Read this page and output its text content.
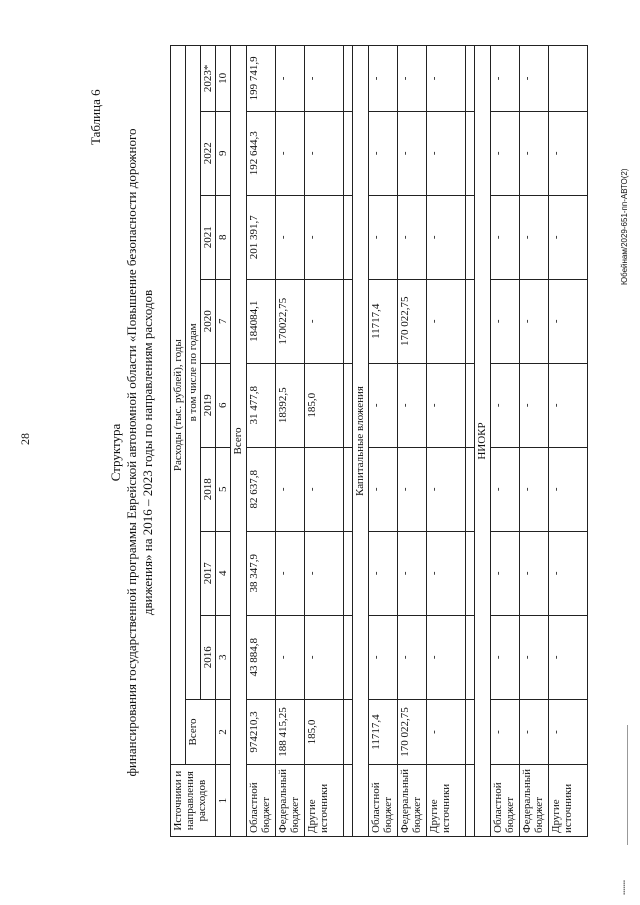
28
Таблица 6
Структура финансирования государственной программы Еврейской автономной области «Повышение безопасности дорожного движения» на 2016 – 2023 годы по направлениям расходов
Источники и направления расходов	Расходы (тыс. рублей), годы								
	Всего	в том числе по годам							
		2016	2017	2018	2019	2020	2021	2022	2023*
1	2	3	4	5	6	7	8	9	10
Всего									
Областной бюджет	974210,3	43 884,8	38 347,9	82 637,8	31 477,8	184084,1	201 391,7	192 644,3	199 741,9
Федеральный бюджет	188 415,25	-	-	-	18392,5	170022,75	-	-	-
Другие источники	185,0	-	-	-	185,0	-	-	-	-

Капитальные вложения									
Областной бюджет	11717,4	-	-	-	-	11717,4	-	-	-
Федеральный бюджет	170 022,75	-	-	-	-	170 022,75	-	-	-
Другие источники	-	-	-	-	-	-	-	-	-

НИОКР									
Областной бюджет	-	-	-	-	-	-	-	-	-
Федеральный бюджет	-	-	-	-	-	-	-	-	-
Другие источники	-	-	-	-	-	-	-	-	
Юбейнам/2029-651-пп-АВТО(2)
▪▪▪▪▪▪▪
